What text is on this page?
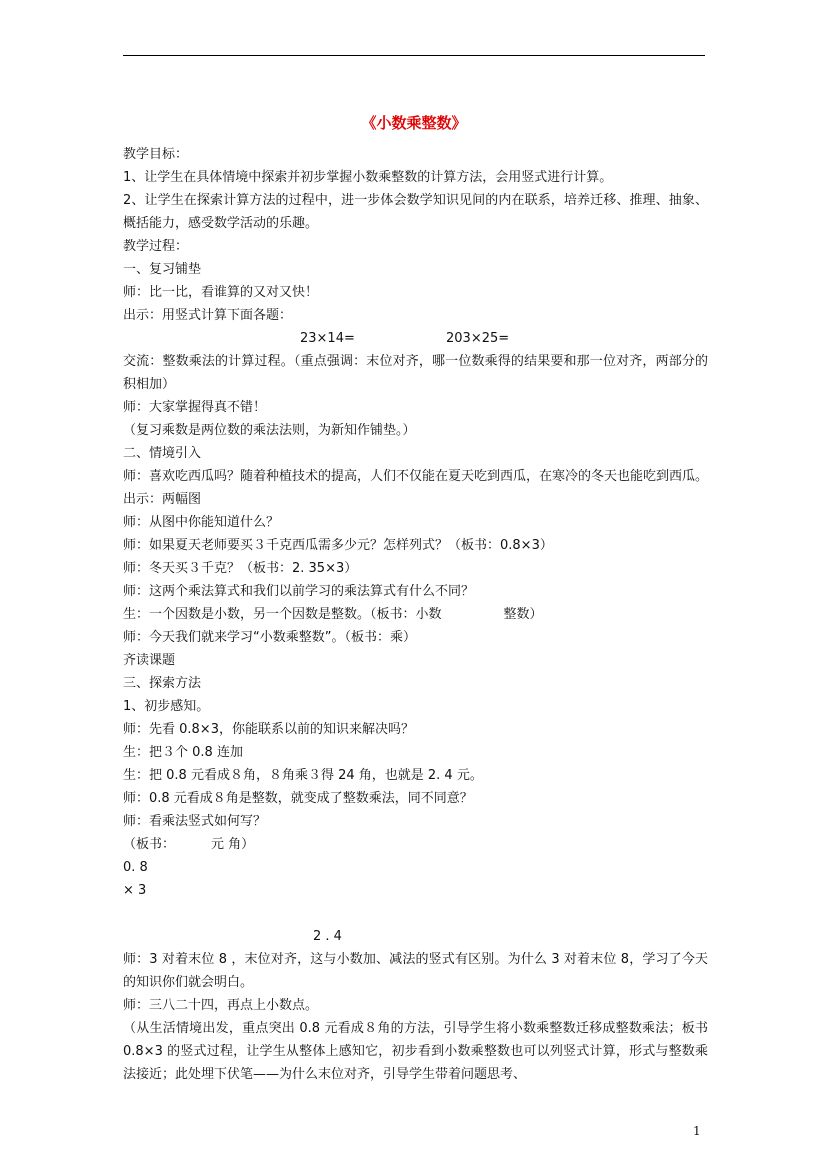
《小数乘整数》

教学目标：

1、让学生在具体情境中探索并初步掌握小数乘整数的计算方法，会用竖式进行计算。

2、让学生在探索计算方法的过程中，进一步体会数学知识见间的内在联系，培养迁移、推理、抽象、概括能力，感受数学活动的乐趣。

教学过程：

一、复习铺垫

师：比一比，看谁算的又对又快！

出示：用竖式计算下面各题：

23×14=	203×25=

交流：整数乘法的计算过程。（重点强调：末位对齐，哪一位数乘得的结果要和那一位对齐，两部分的积相加）

师：大家掌握得真不错！

（复习乘数是两位数的乘法法则，为新知作铺垫。）

二、情境引入

师：喜欢吃西瓜吗？随着种植技术的提高，人们不仅能在夏天吃到西瓜，在寒冷的冬天也能吃到西瓜。

出示：两幅图

师：从图中你能知道什么？

师：如果夏天老师要买３千克西瓜需多少元？怎样列式？（板书：0.8×3）

师：冬天买３千克？（板书：2. 35×3）

师：这两个乘法算式和我们以前学习的乘法算式有什么不同？

生：一个因数是小数，另一个因数是整数。（板书：小数	整数）

师：今天我们就来学习“小数乘整数”。（板书：乘）

齐读课题

三、探索方法

1、初步感知。

师：先看 0.8×3，你能联系以前的知识来解决吗？

生：把３个 0.8 连加

生：把 0.8 元看成８角，８角乘３得 24 角，也就是 2. 4 元。

师：0.8 元看成８角是整数，就变成了整数乘法，同不同意？

师：看乘法竖式如何写？

（板书：	元 角）

0. 8

× 3

2 . 4

师：3 对着末位 8 ，末位对齐，这与小数加、减法的竖式有区别。为什么 3 对着末位 8，学习了今天的知识你们就会明白。

师：三八二十四，再点上小数点。

（从生活情境出发，重点突出 0.8 元看成８角的方法，引导学生将小数乘整数迁移成整数乘法；板书 0.8×3 的竖式过程，让学生从整体上感知它，初步看到小数乘整数也可以列竖式计算，形式与整数乘法接近；此处埋下伏笔——为什么末位对齐，引导学生带着问题思考、

1
